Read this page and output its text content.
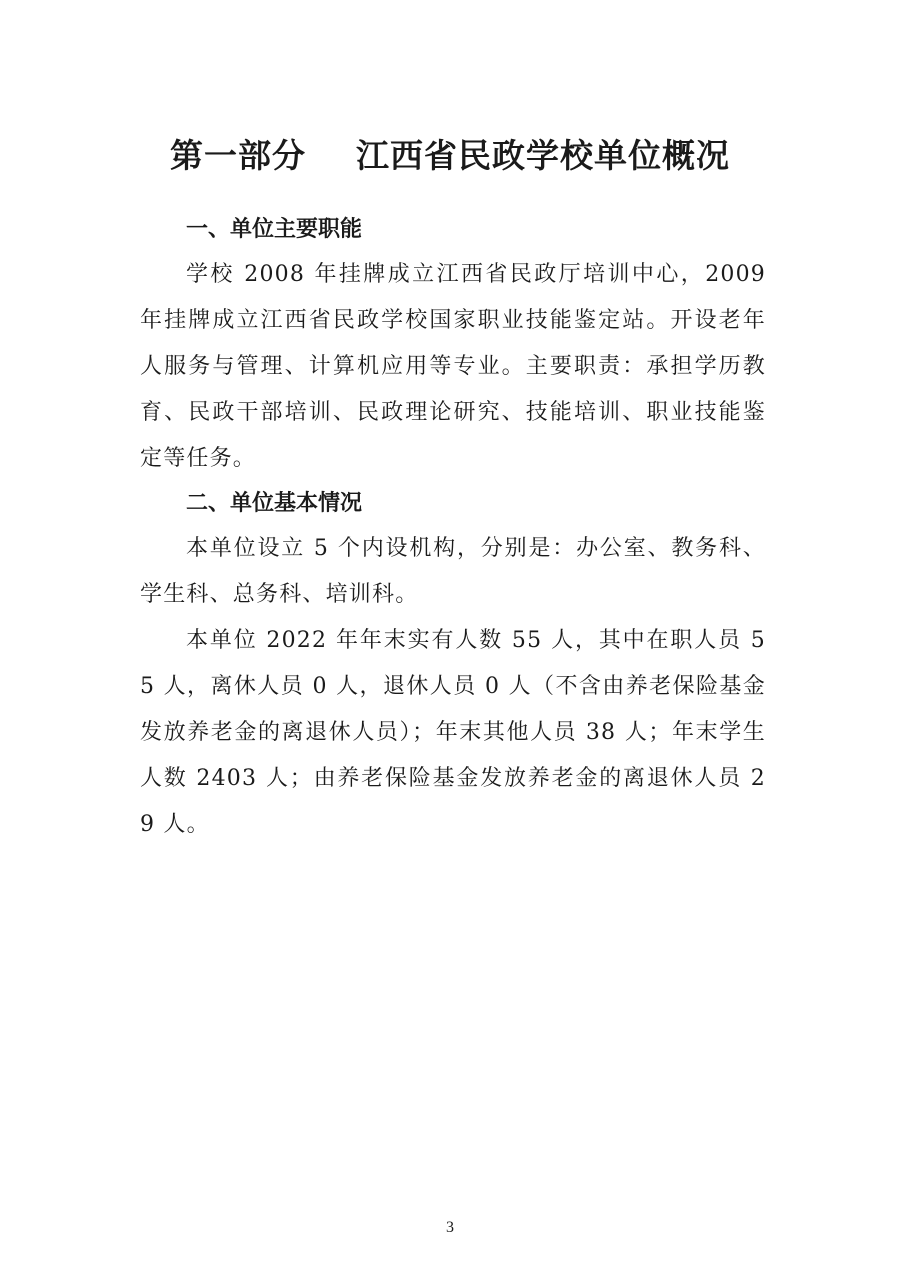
第一部分    江西省民政学校单位概况
一、单位主要职能

学校 2008 年挂牌成立江西省民政厅培训中心，2009 年挂牌成立江西省民政学校国家职业技能鉴定站。开设老年人服务与管理、计算机应用等专业。主要职责：承担学历教育、民政干部培训、民政理论研究、技能培训、职业技能鉴定等任务。

二、单位基本情况

本单位设立 5 个内设机构，分别是：办公室、教务科、学生科、总务科、培训科。

本单位 2022 年年末实有人数 55 人，其中在职人员 55 人，离休人员 0 人，退休人员 0 人（不含由养老保险基金发放养老金的离退休人员）；年末其他人员 38 人；年末学生人数 2403 人；由养老保险基金发放养老金的离退休人员 29 人。

3
